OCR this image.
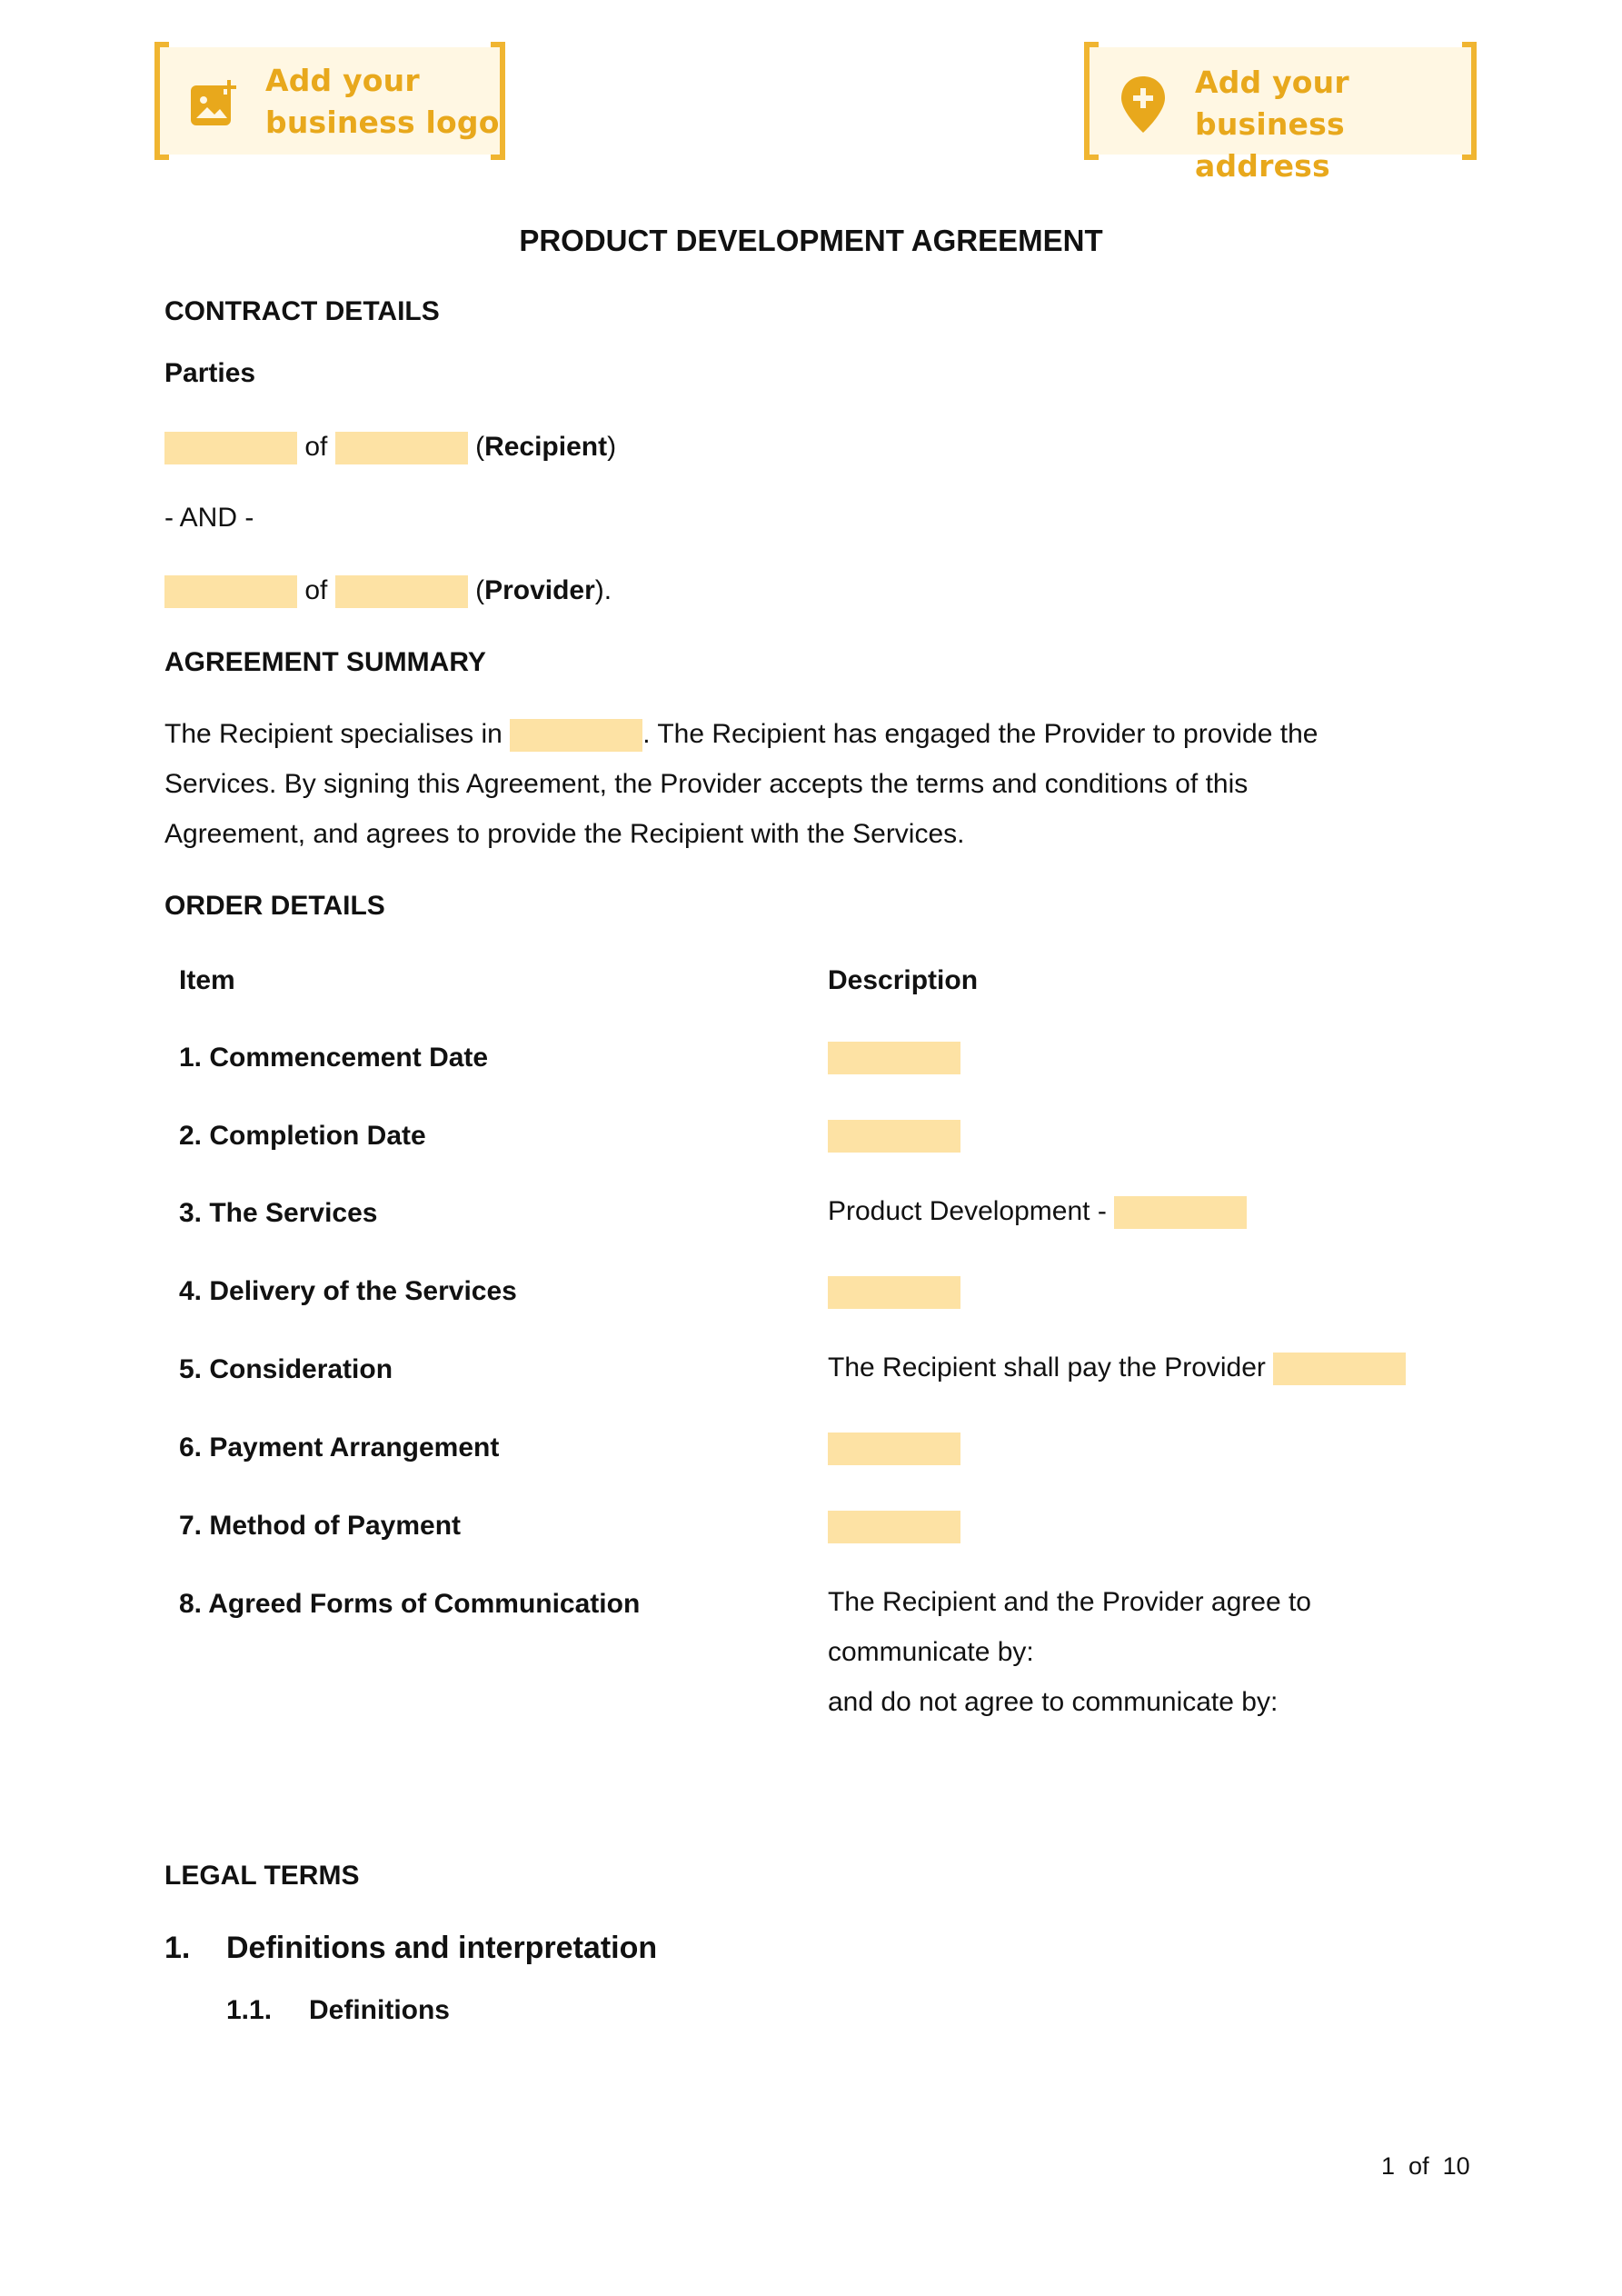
Add your
business logo
Add your
business address
PRODUCT DEVELOPMENT AGREEMENT
CONTRACT DETAILS
Parties
of	(Recipient)
- AND -
of	(Provider).
AGREEMENT SUMMARY
The Recipient specialises in	. The Recipient has engaged the Provider to provide the
Services. By signing this Agreement, the Provider accepts the terms and conditions of this
Agreement, and agrees to provide the Recipient with the Services.
ORDER DETAILS
Item	Description
1. Commencement Date
2. Completion Date
3. The Services	Product Development -
4. Delivery of the Services
5. Consideration	The Recipient shall pay the Provider
6. Payment Arrangement
7. Method of Payment
8. Agreed Forms of Communication	The Recipient and the Provider agree to
communicate by:
and do not agree to communicate by:
LEGAL TERMS
1. Definitions and interpretation
1.1. Definitions
1 of 10
